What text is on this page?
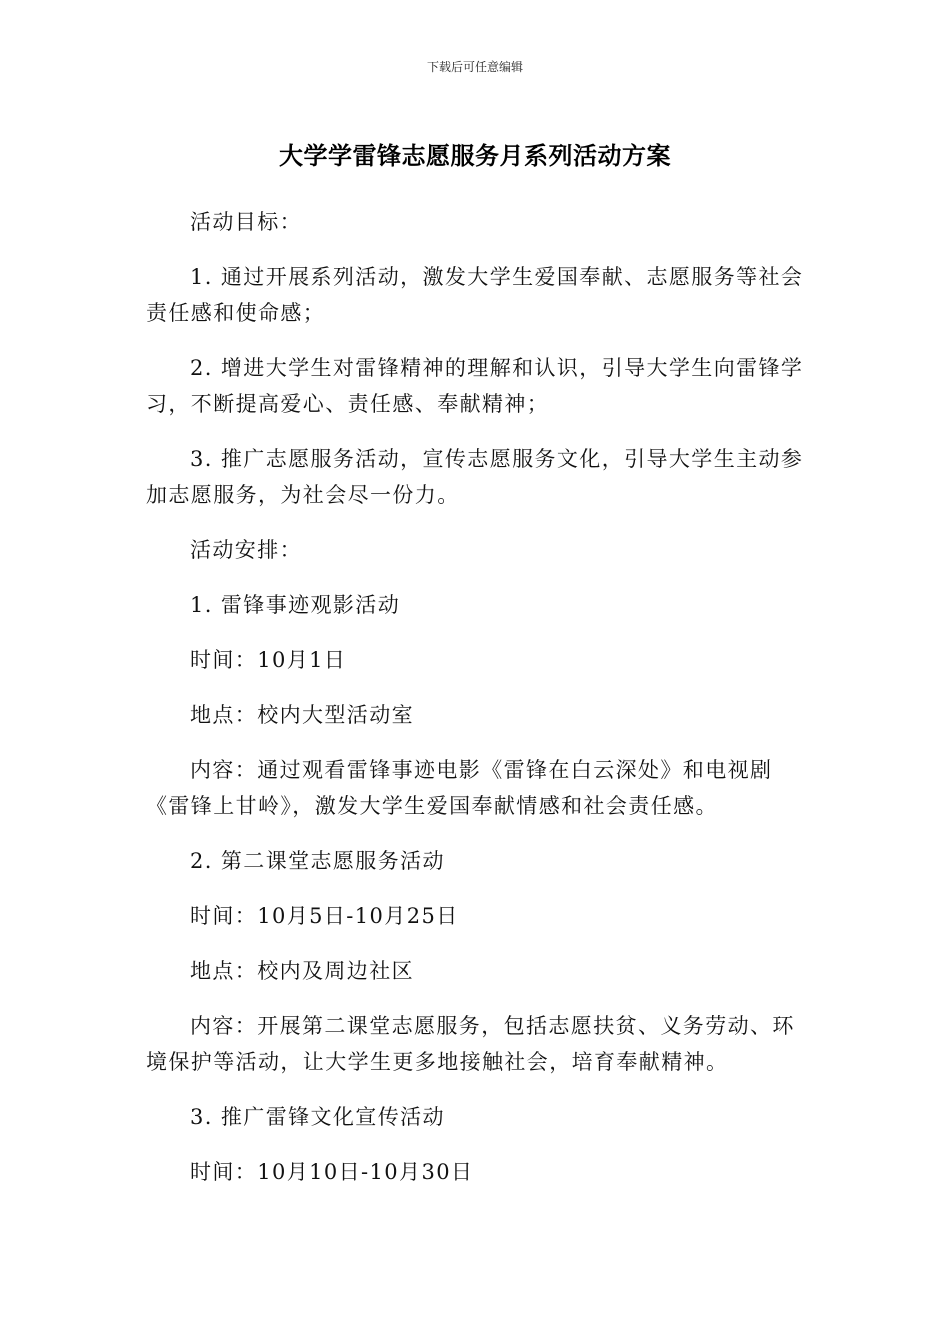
下载后可任意编辑
大学学雷锋志愿服务月系列活动方案

活动目标：

1. 通过开展系列活动，激发大学生爱国奉献、志愿服务等社会责任感和使命感；

2. 增进大学生对雷锋精神的理解和认识，引导大学生向雷锋学习，不断提高爱心、责任感、奉献精神；

3. 推广志愿服务活动，宣传志愿服务文化，引导大学生主动参加志愿服务，为社会尽一份力。

活动安排：

1. 雷锋事迹观影活动

时间：10月1日

地点：校内大型活动室

内容：通过观看雷锋事迹电影《雷锋在白云深处》和电视剧《雷锋上甘岭》，激发大学生爱国奉献情感和社会责任感。

2. 第二课堂志愿服务活动

时间：10月5日-10月25日

地点：校内及周边社区

内容：开展第二课堂志愿服务，包括志愿扶贫、义务劳动、环境保护等活动，让大学生更多地接触社会，培育奉献精神。

3. 推广雷锋文化宣传活动

时间：10月10日-10月30日
